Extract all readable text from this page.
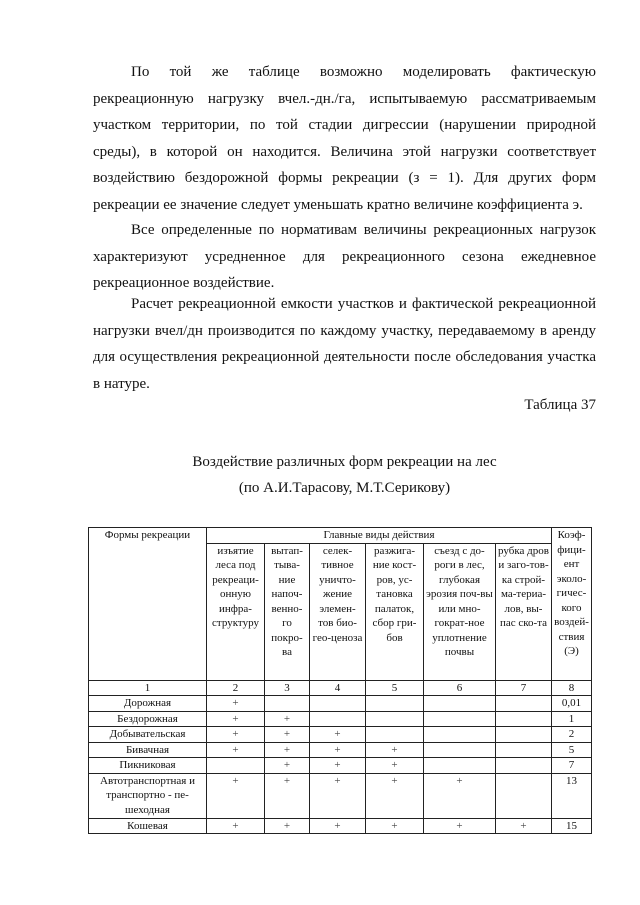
По той же таблице возможно моделировать фактическую рекреационную нагрузку вчел.-дн./га, испытываемую рассматриваемым участком территории, по той стадии дигрессии (нарушении природной среды), в которой он находится. Величина этой нагрузки соответствует воздействию бездорожной формы рекреации (з = 1). Для других форм рекреации ее значение следует уменьшать кратно величине коэффициента э.

Все определенные по нормативам величины рекреационных нагрузок характеризуют усредненное для рекреационного сезона ежедневное рекреационное воздействие.

Расчет рекреационной емкости участков и фактической рекреационной нагрузки вчел/дн производится по каждому участку, передаваемому в аренду для осуществления рекреационной деятельности после обследования участка в натуре.

Таблица 37
Воздействие различных форм рекреации на лес
(по А.И.Тарасову, М.Т.Серикову)
Формы рекреации	Главные виды действия						Коэф-фици-ент эколо-гичес-кого воздей-ствия (Э)
	изъятие леса под рекреаци-онную инфра-структуру	вытап-тыва-ние напоч-венно-го покро-ва	селек-тивное уничто-жение элемен-тов био-гео-ценоза	разжига-ние кост-ров, ус-тановка палаток, сбор гри-бов	съезд с до-роги в лес, глубокая эрозия поч-вы или мно-гократ-ное уплотнение почвы	рубка дров и заго-тов-ка строй-ма-териа-лов, вы-пас ско-та	
1	2	3	4	5	6	7	8
Дорожная	+						0,01
Бездорожная	+	+					1
Добывательская	+	+	+				2
Бивачная	+	+	+	+			5
Пикниковая		+	+	+			7
Автотранспортная и транспортно - пе-шеходная	+	+	+	+	+		13
Кошевая	+	+	+	+	+	+	15
